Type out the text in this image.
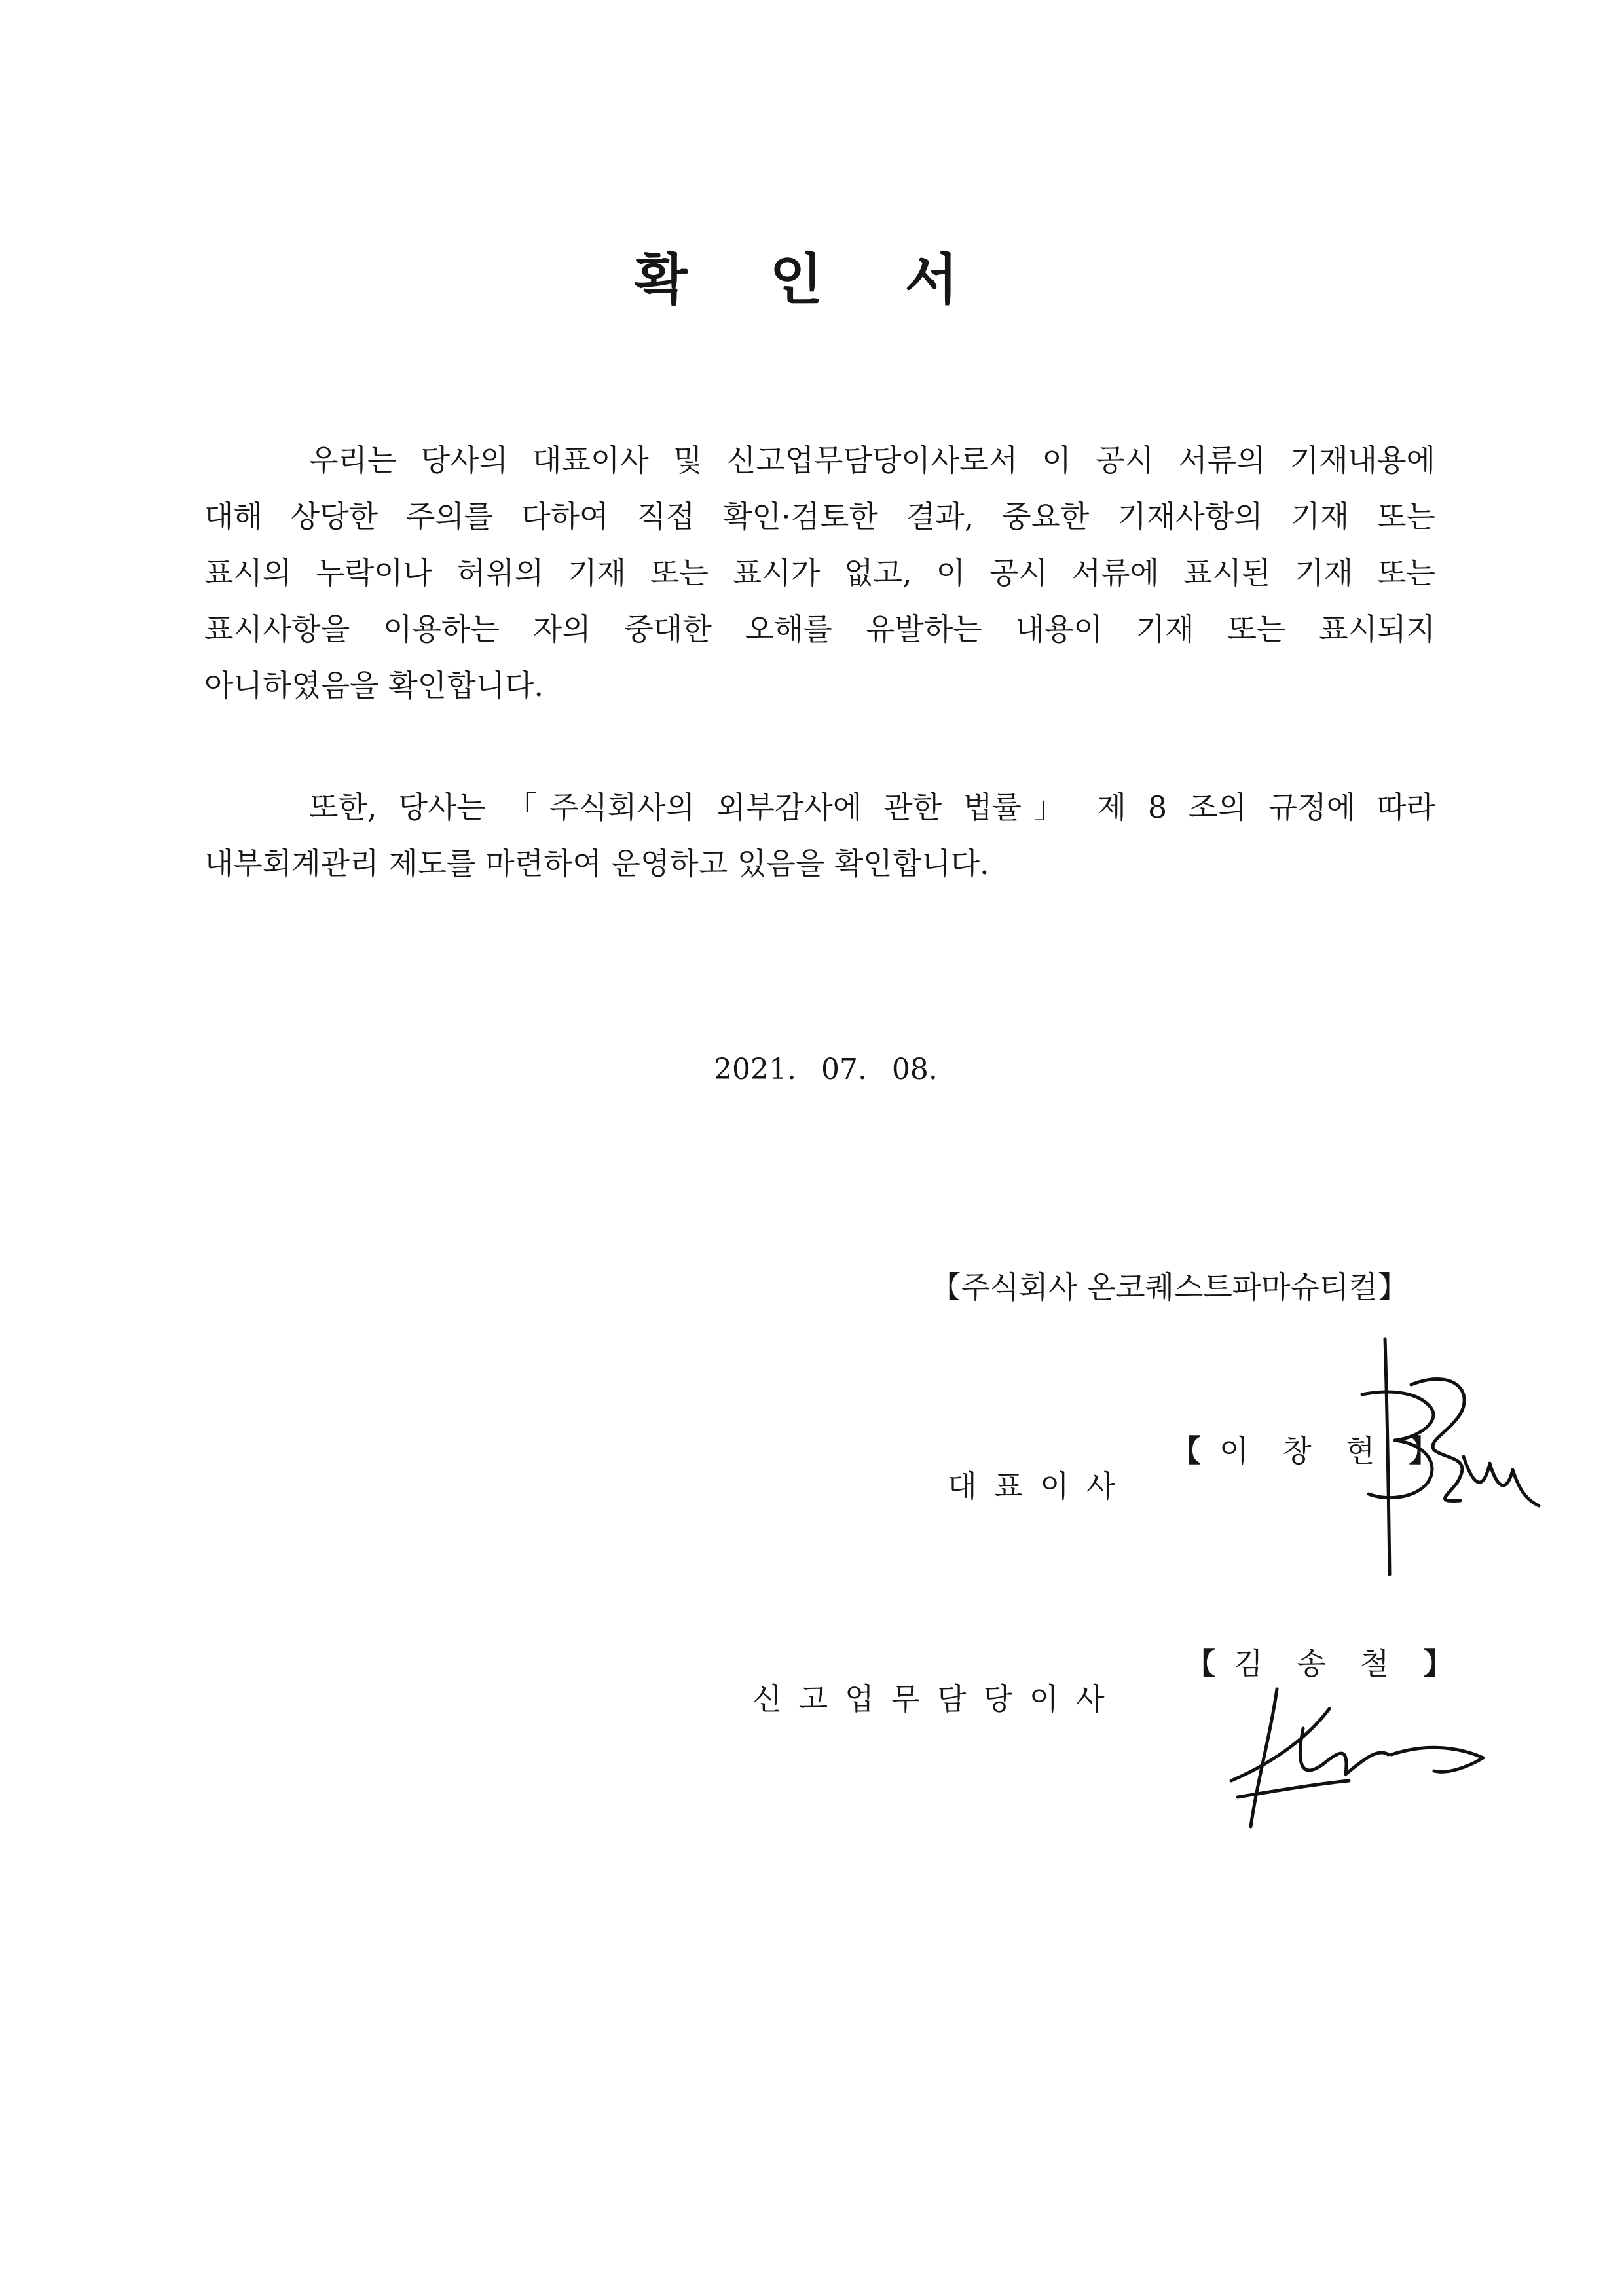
확 인 서
우리는 당사의 대표이사 및 신고업무담당이사로서 이 공시 서류의 기재내용에
대해 상당한 주의를 다하여 직접 확인·검토한 결과, 중요한 기재사항의 기재 또는
표시의 누락이나 허위의 기재 또는 표시가 없고, 이 공시 서류에 표시된 기재 또는
표시사항을 이용하는 자의 중대한 오해를 유발하는 내용이 기재 또는 표시되지
아니하였음을 확인합니다.
또한, 당사는 「주식회사의 외부감사에 관한 법률」 제 8 조의 규정에 따라
내부회계관리 제도를 마련하여 운영하고 있음을 확인합니다.

2021. 07. 08.

【주식회사 온코퀘스트파마슈티컬】

대표이사

【 이창현】

신고업무담당이사

【 김송철】
